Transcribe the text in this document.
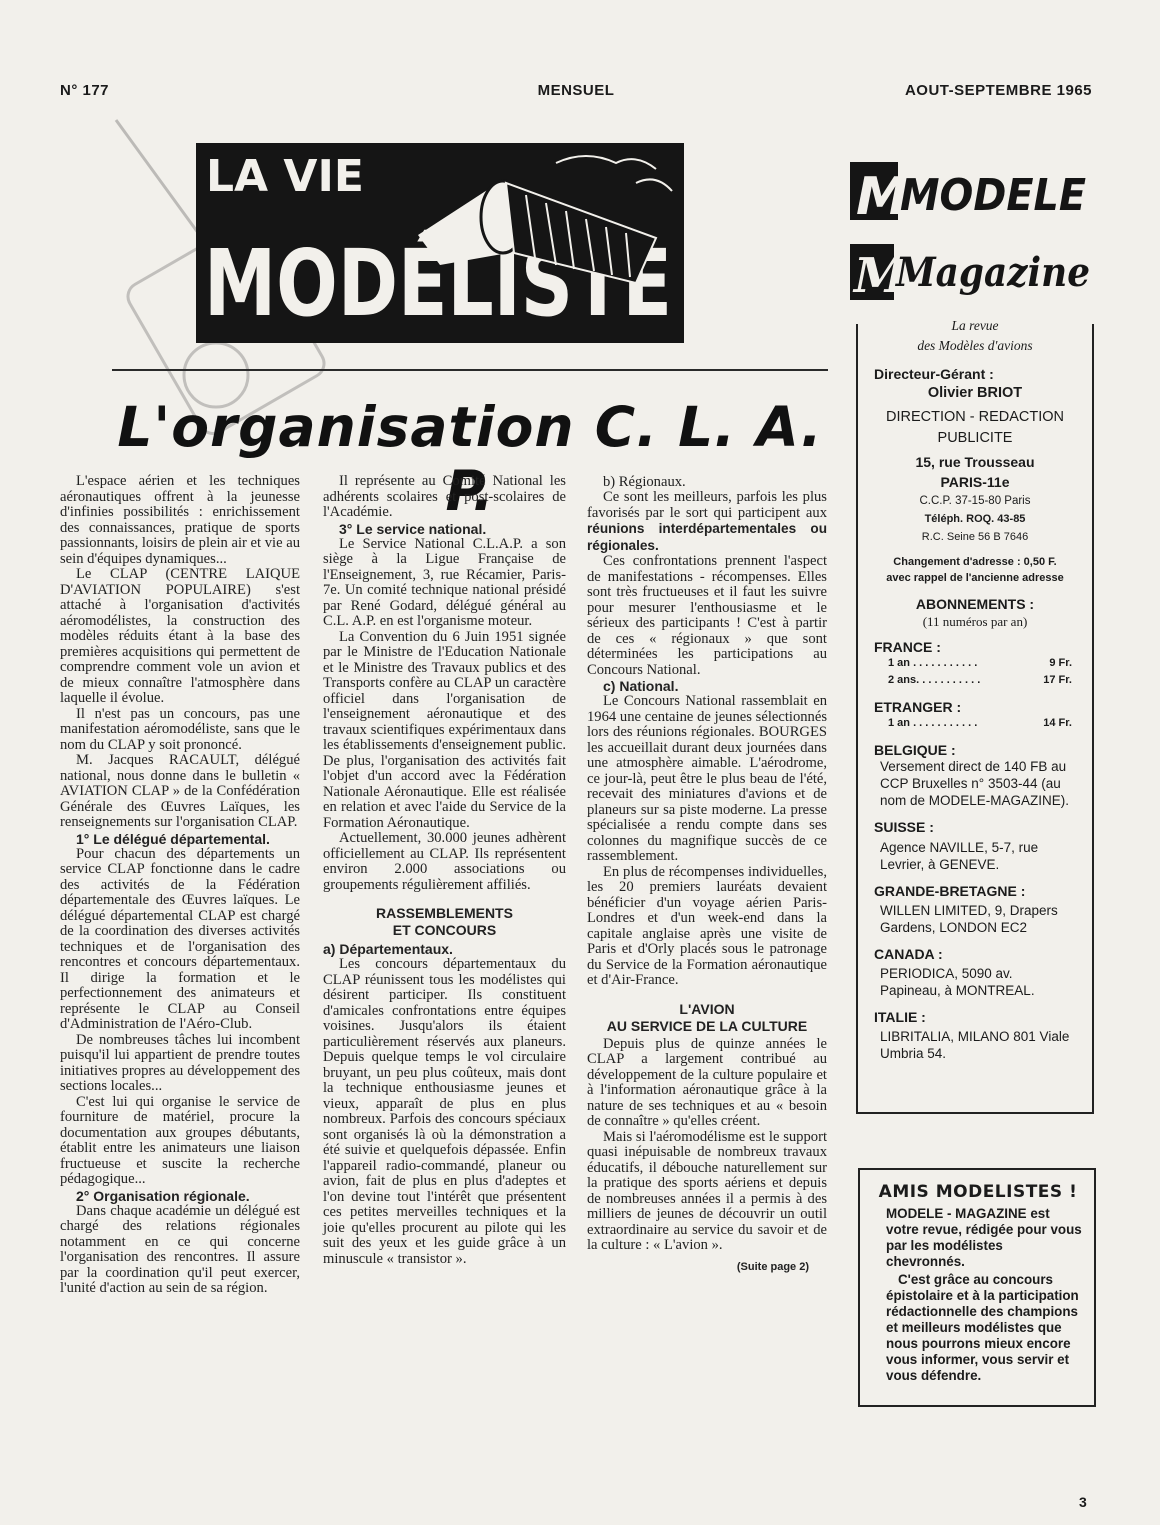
N° 177	MENSUEL	AOUT-SEPTEMBRE 1965
LA VIE
MODÉLISTE
L'organisation C. L. A. P.

L'espace aérien et les techniques aéronautiques offrent à la jeunesse d'infinies possibilités : enrichissement des connaissances, pratique de sports passionnants, loisirs de plein air et vie au sein d'équipes dynamiques...

Le CLAP (CENTRE LAIQUE D'AVIATION POPULAIRE) s'est attaché à l'organisation d'activités aéromodélistes, la construction des modèles réduits étant à la base des premières acquisitions qui permettent de comprendre comment vole un avion et de mieux connaître l'atmosphère dans laquelle il évolue.

Il n'est pas un concours, pas une manifestation aéromodéliste, sans que le nom du CLAP y soit prononcé.

M. Jacques RACAULT, délégué national, nous donne dans le bulletin « AVIATION CLAP » de la Confédération Générale des Œuvres Laïques, les renseignements sur l'organisation CLAP.

1° Le délégué départemental.

Pour chacun des départements un service CLAP fonctionne dans le cadre des activités de la Fédération départementale des Œuvres laïques. Le délégué départemental CLAP est chargé de la coordination des diverses activités techniques et de l'organisation des rencontres et concours départementaux. Il dirige la formation et le perfectionnement des animateurs et représente le CLAP au Conseil d'Administration de l'Aéro-Club.

De nombreuses tâches lui incombent puisqu'il lui appartient de prendre toutes initiatives propres au développement des sections locales...

C'est lui qui organise le service de fourniture de matériel, procure la documentation aux groupes débutants, établit entre les animateurs une liaison fructueuse et suscite la recherche pédagogique...

2° Organisation régionale.

Dans chaque académie un délégué est chargé des relations régionales notamment en ce qui concerne l'organisation des rencontres. Il assure par la coordination qu'il peut exercer, l'unité d'action au sein de sa région.

Il représente au Comité National les adhérents scolaires et post-scolaires de l'Académie.

3° Le service national.

Le Service National C.L.A.P. a son siège à la Ligue Française de l'Enseignement, 3, rue Récamier, Paris-7e. Un comité technique national présidé par René Godard, délégué général au C.L. A.P. en est l'organisme moteur.

La Convention du 6 Juin 1951 signée par le Ministre de l'Education Nationale et le Ministre des Travaux publics et des Transports confère au CLAP un caractère officiel dans l'organisation de l'enseignement aéronautique et des travaux scientifiques expérimentaux dans les établissements d'enseignement public. De plus, l'organisation des activités fait l'objet d'un accord avec la Fédération Nationale Aéronautique. Elle est réalisée en relation et avec l'aide du Service de la Formation Aéronautique.

Actuellement, 30.000 jeunes adhèrent officiellement au CLAP. Ils représentent environ 2.000 associations ou groupements régulièrement affiliés.

RASSEMBLEMENTS
ET CONCOURS
a) Départementaux.

Les concours départementaux du CLAP réunissent tous les modélistes qui désirent participer. Ils constituent d'amicales confrontations entre équipes voisines. Jusqu'alors ils étaient particulièrement réservés aux planeurs. Depuis quelque temps le vol circulaire bruyant, un peu plus coûteux, mais dont la technique enthousiasme jeunes et vieux, apparaît de plus en plus nombreux. Parfois des concours spéciaux sont organisés là où la démonstration a été suivie et quelquefois dépassée. Enfin l'appareil radio-commandé, planeur ou avion, fait de plus en plus d'adeptes et l'on devine tout l'intérêt que présentent ces petites merveilles techniques et la joie qu'elles procurent au pilote qui les suit des yeux et les guide grâce à un minuscule « transistor ».

b) Régionaux.

Ce sont les meilleurs, parfois les plus favorisés par le sort qui participent aux réunions interdépartementales ou régionales.

Ces confrontations prennent l'aspect de manifestations - récompenses. Elles sont très fructueuses et il faut les suivre pour mesurer l'enthousiasme et le sérieux des participants ! C'est à partir de ces « régionaux » que sont déterminées les participations au Concours National.

c) National.

Le Concours National rassemblait en 1964 une centaine de jeunes sélectionnés lors des réunions régionales. BOURGES les accueillait durant deux journées dans une atmosphère aimable. L'aérodrome, ce jour-là, peut être le plus beau de l'été, recevait des miniatures d'avions et de planeurs sur sa piste moderne. La presse spécialisée a rendu compte dans ses colonnes du magnifique succès de ce rassemblement.

En plus de récompenses individuelles, les 20 premiers lauréats devaient bénéficier d'un voyage aérien Paris-Londres et d'un week-end dans la capitale anglaise après une visite de Paris et d'Orly placés sous le patronage du Service de la Formation aéronautique et d'Air-France.

L'AVION
AU SERVICE DE LA CULTURE

Depuis plus de quinze années le CLAP a largement contribué au développement de la culture populaire et à l'information aéronautique grâce à la nature de ses techniques et au « besoin de connaître » qu'elles créent.

Mais si l'aéromodélisme est le support quasi inépuisable de nombreux travaux éducatifs, il débouche naturellement sur la pratique des sports aériens et depuis de nombreuses années il a permis à des milliers de jeunes de découvrir un outil extraordinaire au service du savoir et de la culture : « L'avion ».

(Suite page 2)
M
MODELE
M
Magazine
La revue
des Modèles d'avions
Directeur-Gérant :
Olivier BRIOT
DIRECTION - REDACTION
PUBLICITE
15, rue Trousseau
PARIS-11e
C.C.P. 37-15-80 Paris
Téléph. ROQ. 43-85
R.C. Seine 56 B 7646
Changement d'adresse : 0,50 F.
avec rappel de l'ancienne adresse
ABONNEMENTS :
(11 numéros par an)
FRANCE :
1 an . . . . . . . . . . .	9 Fr.
2 ans. . . . . . . . . . .	17 Fr.
ETRANGER :
1 an . . . . . . . . . . .	14 Fr.
BELGIQUE :
Versement direct de 140 FB au CCP Bruxelles n° 3503-44 (au nom de MODELE-MAGAZINE).
SUISSE :
Agence NAVILLE, 5-7, rue Levrier, à GENEVE.
GRANDE-BRETAGNE :
WILLEN LIMITED, 9, Drapers Gardens, LONDON EC2
CANADA :
PERIODICA, 5090 av. Papineau, à MONTREAL.
ITALIE :
LIBRITALIA, MILANO 801 Viale Umbria 54.
AMIS MODELISTES !
MODELE - MAGAZINE est votre revue, rédigée pour vous par les modélistes chevronnés.
C'est grâce au concours épistolaire et à la participation rédactionnelle des champions et meilleurs modélistes que nous pourrons mieux encore vous informer, vous servir et vous défendre.
3
